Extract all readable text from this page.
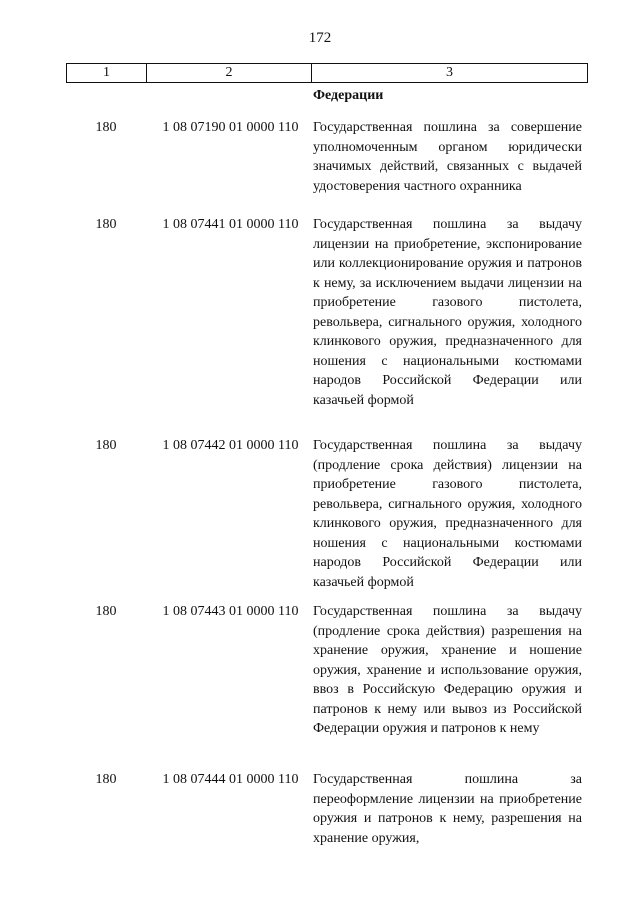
172
1	2	3
Федерации
180	1 08 07190 01 0000 110	Государственная пошлина за совершение уполномоченным органом юридически значимых действий, связанных с выдачей удостоверения частного охранника
180	1 08 07441 01 0000 110	Государственная пошлина за выдачу лицензии на приобретение, экспонирование или коллекционирование оружия и патронов к нему, за исключением выдачи лицензии на приобретение газового пистолета, револьвера, сигнального оружия, холодного клинкового оружия, предназначенного для ношения с национальными костюмами народов Российской Федерации или казачьей формой
180	1 08 07442 01 0000 110	Государственная пошлина за выдачу (продление срока действия) лицензии на приобретение газового пистолета, револьвера, сигнального оружия, холодного клинкового оружия, предназначенного для ношения с национальными костюмами народов Российской Федерации или казачьей формой
180	1 08 07443 01 0000 110	Государственная пошлина за выдачу (продление срока действия) разрешения на хранение оружия, хранение и ношение оружия, хранение и использование оружия, ввоз в Российскую Федерацию оружия и патронов к нему или вывоз из Российской Федерации оружия и патронов к нему
180	1 08 07444 01 0000 110	Государственная пошлина за переоформление лицензии на приобретение оружия и патронов к нему, разрешения на хранение оружия,
